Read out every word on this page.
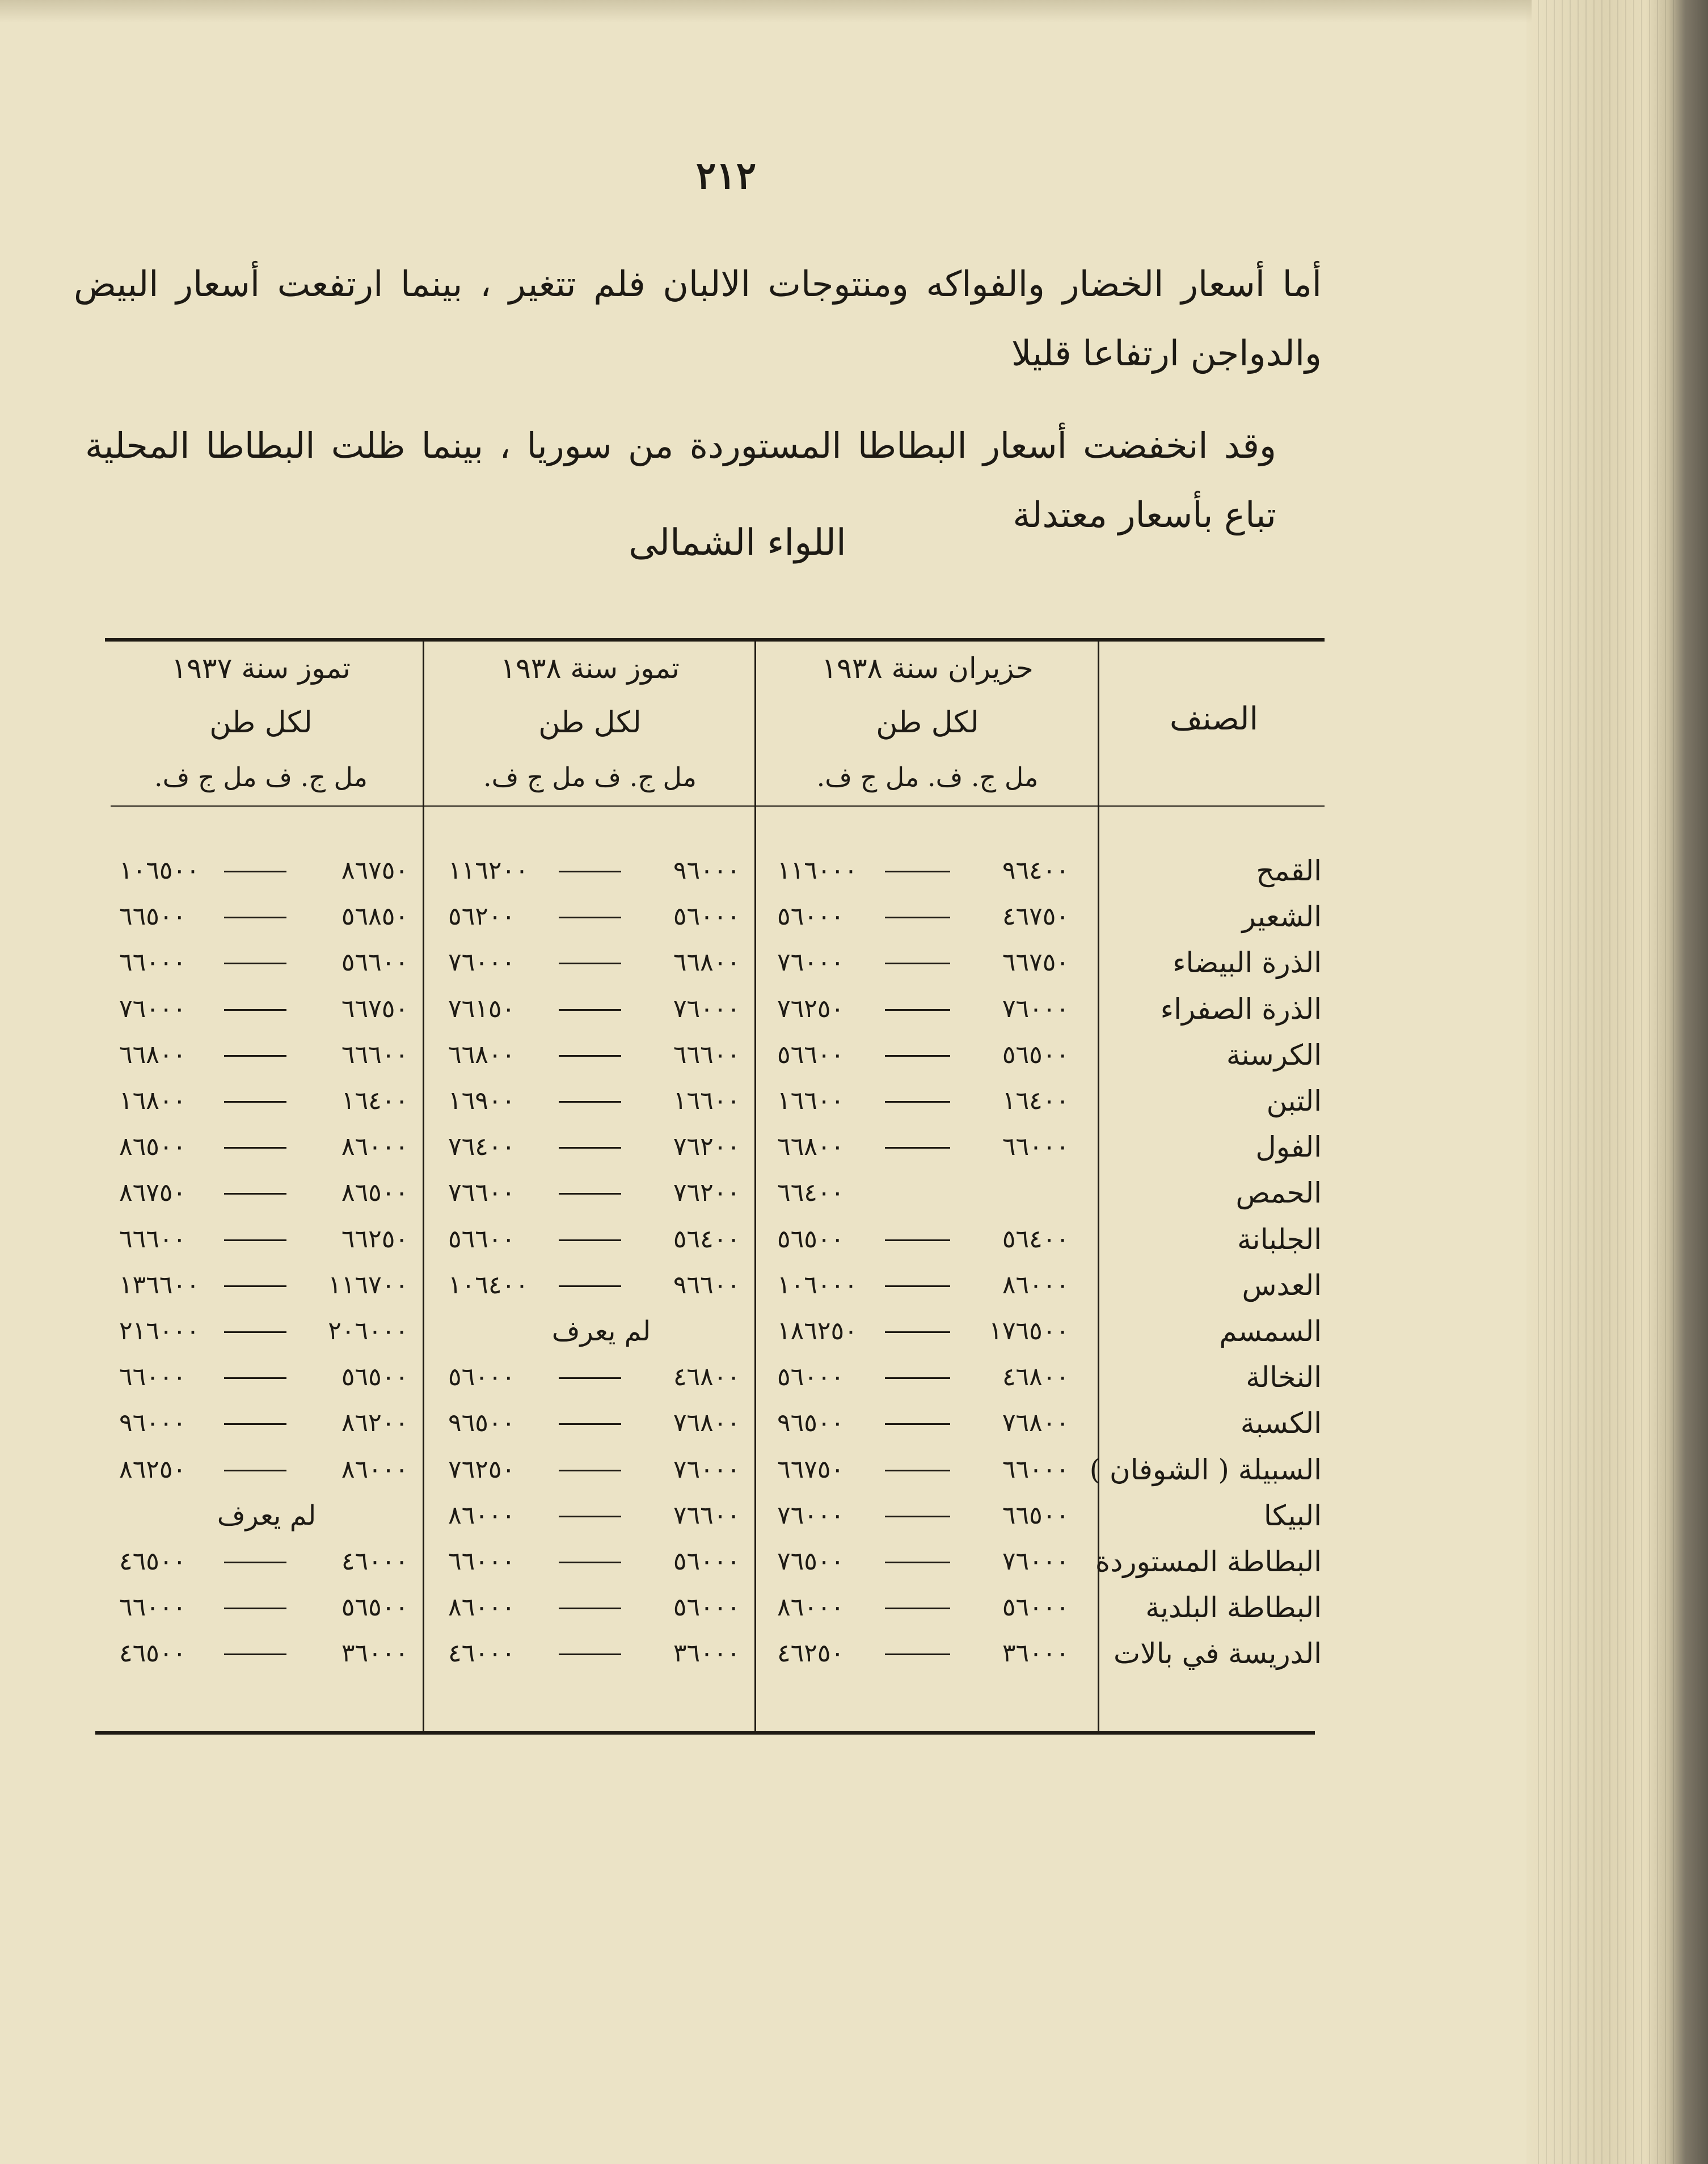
٢١٢
أما أسعار الخضار والفواكه ومنتوجات الالبان فلم تتغير ، بينما ارتفعت أسعار البيض والدواجن ارتفاعا قليلا
وقد انخفضت أسعار البطاطا المستوردة من سوريا ، بينما ظلت البطاطا المحلية تباع بأسعار معتدلة
اللواء الشمالى
الصنف
حزيران سنة ١٩٣٨
لكل طن
مل ج. ف. مل ج ف.
تموز سنة ١٩٣٨
لكل طن
مل ج. ف مل ج ف.
تموز سنة ١٩٣٧
لكل طن
مل ج. ف مل ج ف.
القمح
٩٦٤٠٠
١١٦٠٠٠
٩٦٠٠٠
١١٦٢٠٠
٨٦٧٥٠
١٠٦٥٠٠
الشعير
٤٦٧٥٠
٥٦٠٠٠
٥٦٠٠٠
٥٦٢٠٠
٥٦٨٥٠
٦٦٥٠٠
الذرة البيضاء
٦٦٧٥٠
٧٦٠٠٠
٦٦٨٠٠
٧٦٠٠٠
٥٦٦٠٠
٦٦٠٠٠
الذرة الصفراء
٧٦٠٠٠
٧٦٢٥٠
٧٦٠٠٠
٧٦١٥٠
٦٦٧٥٠
٧٦٠٠٠
الكرسنة
٥٦٥٠٠
٥٦٦٠٠
٦٦٦٠٠
٦٦٨٠٠
٦٦٦٠٠
٦٦٨٠٠
التبن
١٦٤٠٠
١٦٦٠٠
١٦٦٠٠
١٦٩٠٠
١٦٤٠٠
١٦٨٠٠
الفول
٦٦٠٠٠
٦٦٨٠٠
٧٦٢٠٠
٧٦٤٠٠
٨٦٠٠٠
٨٦٥٠٠
الحمص
٦٦٤٠٠
٧٦٢٠٠
٧٦٦٠٠
٨٦٥٠٠
٨٦٧٥٠
الجلبانة
٥٦٤٠٠
٥٦٥٠٠
٥٦٤٠٠
٥٦٦٠٠
٦٦٢٥٠
٦٦٦٠٠
العدس
٨٦٠٠٠
١٠٦٠٠٠
٩٦٦٠٠
١٠٦٤٠٠
١١٦٧٠٠
١٣٦٦٠٠
السمسم
١٧٦٥٠٠
١٨٦٢٥٠
لم يعرف
٢٠٦٠٠٠
٢١٦٠٠٠
النخالة
٤٦٨٠٠
٥٦٠٠٠
٤٦٨٠٠
٥٦٠٠٠
٥٦٥٠٠
٦٦٠٠٠
الكسبة
٧٦٨٠٠
٩٦٥٠٠
٧٦٨٠٠
٩٦٥٠٠
٨٦٢٠٠
٩٦٠٠٠
السبيلة ( الشوفان )
٦٦٠٠٠
٦٦٧٥٠
٧٦٠٠٠
٧٦٢٥٠
٨٦٠٠٠
٨٦٢٥٠
البيكا
٦٦٥٠٠
٧٦٠٠٠
٧٦٦٠٠
٨٦٠٠٠
لم يعرف
البطاطة المستوردة
٧٦٠٠٠
٧٦٥٠٠
٥٦٠٠٠
٦٦٠٠٠
٤٦٠٠٠
٤٦٥٠٠
البطاطة البلدية
٥٦٠٠٠
٨٦٠٠٠
٥٦٠٠٠
٨٦٠٠٠
٥٦٥٠٠
٦٦٠٠٠
الدريسة في بالات
٣٦٠٠٠
٤٦٢٥٠
٣٦٠٠٠
٤٦٠٠٠
٣٦٠٠٠
٤٦٥٠٠
